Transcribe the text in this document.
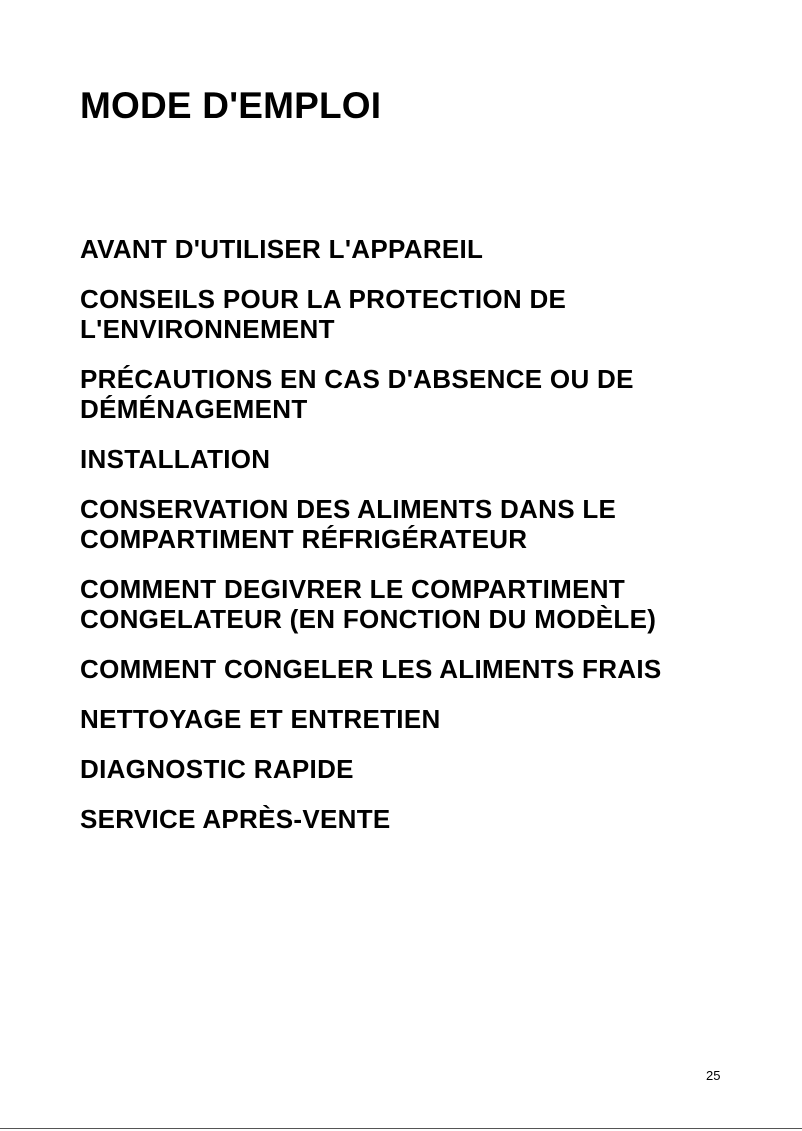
MODE D'EMPLOI
AVANT D'UTILISER L'APPAREIL
CONSEILS POUR LA PROTECTION DE L'ENVIRONNEMENT
PRÉCAUTIONS EN CAS D'ABSENCE OU DE DÉMÉNAGEMENT
INSTALLATION
CONSERVATION DES ALIMENTS DANS LE COMPARTIMENT RÉFRIGÉRATEUR
COMMENT DEGIVRER LE COMPARTIMENT CONGELATEUR (EN FONCTION DU MODÈLE)
COMMENT CONGELER LES ALIMENTS FRAIS
NETTOYAGE ET ENTRETIEN
DIAGNOSTIC RAPIDE
SERVICE APRÈS-VENTE
25
